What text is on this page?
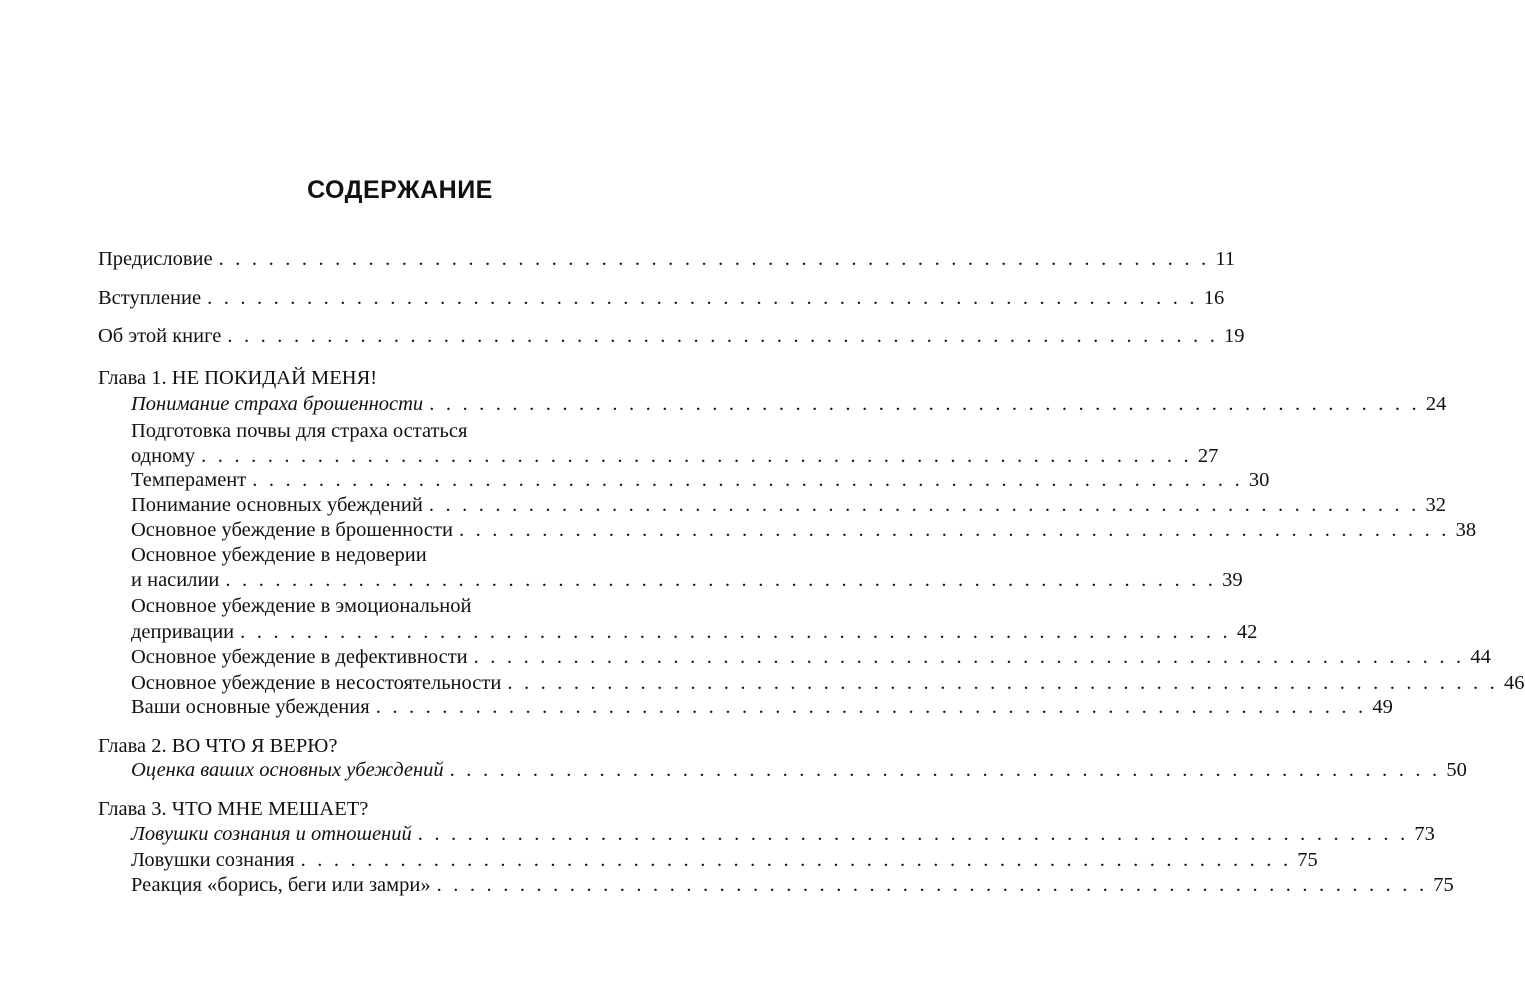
СОДЕРЖАНИЕ
Предисловие . . . . . . . . . . . . . . . . . . . . . . . . . . . . . . . . . . . . . . . . . . . . . . . . . . . . . . . . . . . . 11
Вступление . . . . . . . . . . . . . . . . . . . . . . . . . . . . . . . . . . . . . . . . . . . . . . . . . . . . . . . . . . . . 16
Об этой книге . . . . . . . . . . . . . . . . . . . . . . . . . . . . . . . . . . . . . . . . . . . . . . . . . . . . . . . . . . . . 19
Глава 1. НЕ ПОКИДАЙ МЕНЯ!
Понимание страха брошенности . . . . . . . . . . . . . . . . . . . . . . . . . . . . . . . . . . . . . . . . . . . . . . . . . . . . . . . . . . . . 24
Подготовка почвы для страха остаться
одному . . . . . . . . . . . . . . . . . . . . . . . . . . . . . . . . . . . . . . . . . . . . . . . . . . . . . . . . . . . . 27
Темперамент . . . . . . . . . . . . . . . . . . . . . . . . . . . . . . . . . . . . . . . . . . . . . . . . . . . . . . . . . . . . 30
Понимание основных убеждений . . . . . . . . . . . . . . . . . . . . . . . . . . . . . . . . . . . . . . . . . . . . . . . . . . . . . . . . . . . . 32
Основное убеждение в брошенности . . . . . . . . . . . . . . . . . . . . . . . . . . . . . . . . . . . . . . . . . . . . . . . . . . . . . . . . . . . . 38
Основное убеждение в недоверии
и насилии . . . . . . . . . . . . . . . . . . . . . . . . . . . . . . . . . . . . . . . . . . . . . . . . . . . . . . . . . . . . 39
Основное убеждение в эмоциональной
депривации . . . . . . . . . . . . . . . . . . . . . . . . . . . . . . . . . . . . . . . . . . . . . . . . . . . . . . . . . . . . 42
Основное убеждение в дефективности . . . . . . . . . . . . . . . . . . . . . . . . . . . . . . . . . . . . . . . . . . . . . . . . . . . . . . . . . . . . 44
Основное убеждение в несостоятельности . . . . . . . . . . . . . . . . . . . . . . . . . . . . . . . . . . . . . . . . . . . . . . . . . . . . . . . . . . . . 46
Ваши основные убеждения . . . . . . . . . . . . . . . . . . . . . . . . . . . . . . . . . . . . . . . . . . . . . . . . . . . . . . . . . . . . 49
Глава 2. ВО ЧТО Я ВЕРЮ?
Оценка ваших основных убеждений . . . . . . . . . . . . . . . . . . . . . . . . . . . . . . . . . . . . . . . . . . . . . . . . . . . . . . . . . . . . 50
Глава 3. ЧТО МНЕ МЕШАЕТ?
Ловушки сознания и отношений . . . . . . . . . . . . . . . . . . . . . . . . . . . . . . . . . . . . . . . . . . . . . . . . . . . . . . . . . . . . 73
Ловушки сознания . . . . . . . . . . . . . . . . . . . . . . . . . . . . . . . . . . . . . . . . . . . . . . . . . . . . . . . . . . . . 75
Реакция «борись, беги или замри» . . . . . . . . . . . . . . . . . . . . . . . . . . . . . . . . . . . . . . . . . . . . . . . . . . . . . . . . . . . . 75
